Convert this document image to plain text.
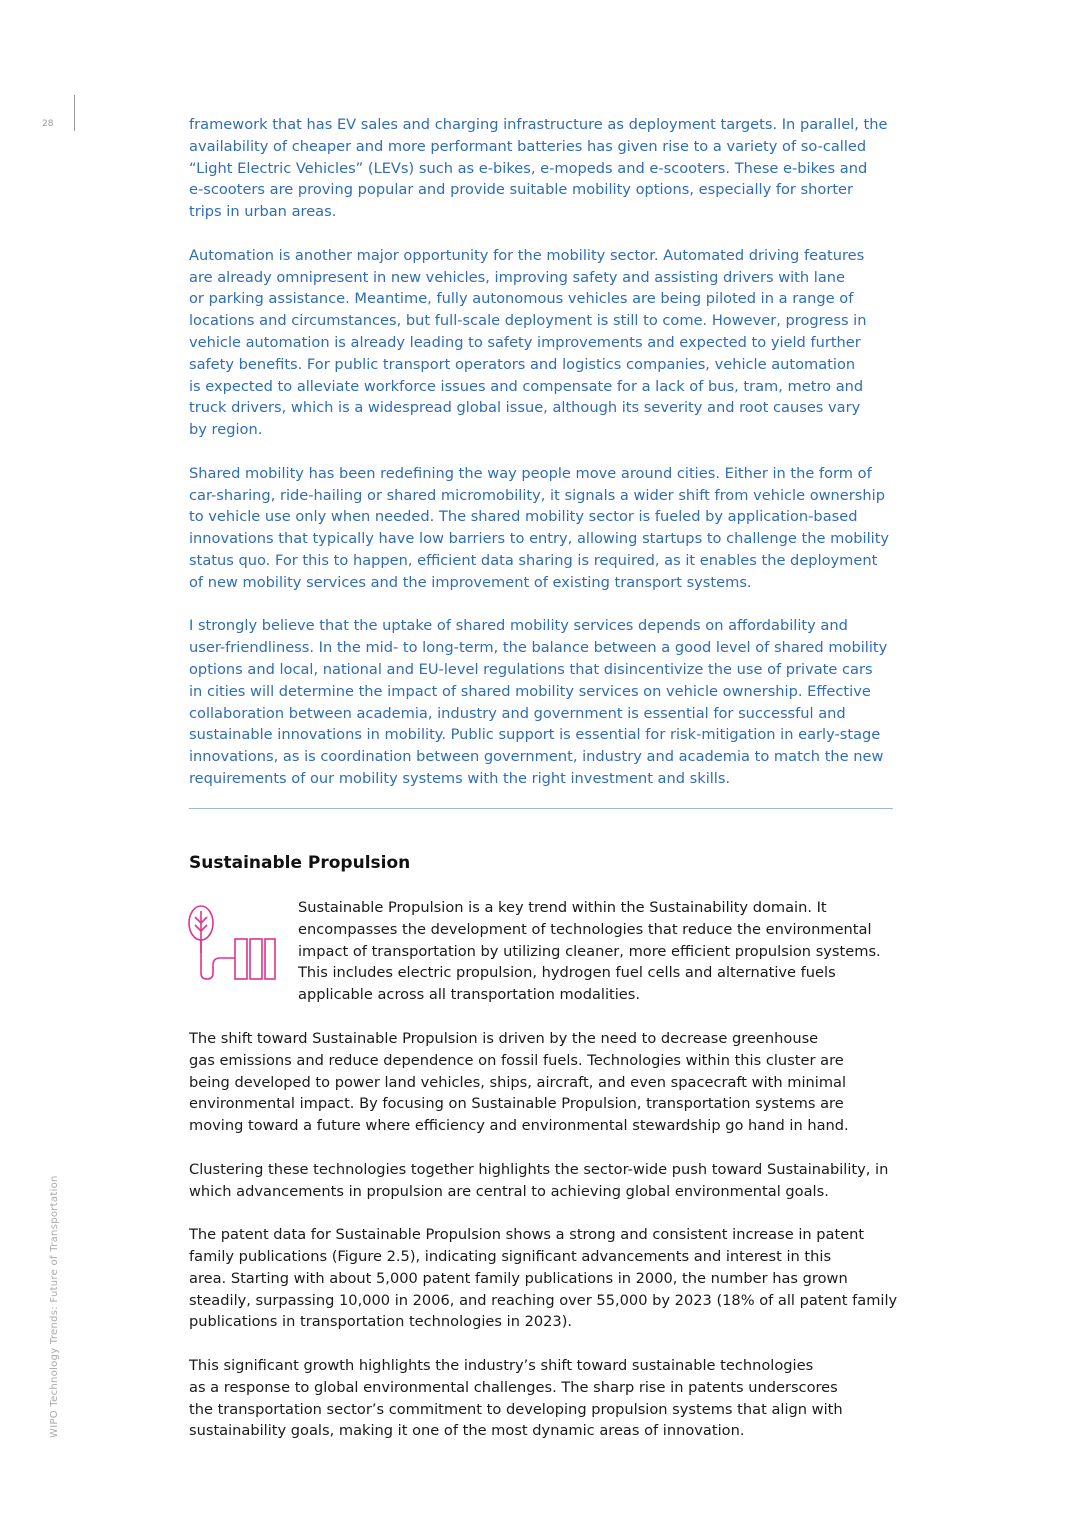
28
WIPO Technology Trends: Future of Transportation

framework that has EV sales and charging infrastructure as deployment targets. In parallel, the
availability of cheaper and more performant batteries has given rise to a variety of so-called
“Light Electric Vehicles” (LEVs) such as e-bikes, e-mopeds and e-scooters. These e-bikes and
e-scooters are proving popular and provide suitable mobility options, especially for shorter
trips in urban areas.

Automation is another major opportunity for the mobility sector. Automated driving features
are already omnipresent in new vehicles, improving safety and assisting drivers with lane
or parking assistance. Meantime, fully autonomous vehicles are being piloted in a range of
locations and circumstances, but full-scale deployment is still to come. However, progress in
vehicle automation is already leading to safety improvements and expected to yield further
safety benefits. For public transport operators and logistics companies, vehicle automation
is expected to alleviate workforce issues and compensate for a lack of bus, tram, metro and
truck drivers, which is a widespread global issue, although its severity and root causes vary
by region.

Shared mobility has been redefining the way people move around cities. Either in the form of
car-sharing, ride-hailing or shared micromobility, it signals a wider shift from vehicle ownership
to vehicle use only when needed. The shared mobility sector is fueled by application-based
innovations that typically have low barriers to entry, allowing startups to challenge the mobility
status quo. For this to happen, efficient data sharing is required, as it enables the deployment
of new mobility services and the improvement of existing transport systems.

I strongly believe that the uptake of shared mobility services depends on affordability and
user-friendliness. In the mid- to long-term, the balance between a good level of shared mobility
options and local, national and EU-level regulations that disincentivize the use of private cars
in cities will determine the impact of shared mobility services on vehicle ownership. Effective
collaboration between academia, industry and government is essential for successful and
sustainable innovations in mobility. Public support is essential for risk-mitigation in early-stage
innovations, as is coordination between government, industry and academia to match the new
requirements of our mobility systems with the right investment and skills.

Sustainable Propulsion

Sustainable Propulsion is a key trend within the Sustainability domain. It
encompasses the development of technologies that reduce the environmental
impact of transportation by utilizing cleaner, more efficient propulsion systems.
This includes electric propulsion, hydrogen fuel cells and alternative fuels
applicable across all transportation modalities.

The shift toward Sustainable Propulsion is driven by the need to decrease greenhouse
gas emissions and reduce dependence on fossil fuels. Technologies within this cluster are
being developed to power land vehicles, ships, aircraft, and even spacecraft with minimal
environmental impact. By focusing on Sustainable Propulsion, transportation systems are
moving toward a future where efficiency and environmental stewardship go hand in hand.

Clustering these technologies together highlights the sector-wide push toward Sustainability, in
which advancements in propulsion are central to achieving global environmental goals.

The patent data for Sustainable Propulsion shows a strong and consistent increase in patent
family publications (Figure 2.5), indicating significant advancements and interest in this
area. Starting with about 5,000 patent family publications in 2000, the number has grown
steadily, surpassing 10,000 in 2006, and reaching over 55,000 by 2023 (18% of all patent family
publications in transportation technologies in 2023).

This significant growth highlights the industry’s shift toward sustainable technologies
as a response to global environmental challenges. The sharp rise in patents underscores
the transportation sector’s commitment to developing propulsion systems that align with
sustainability goals, making it one of the most dynamic areas of innovation.
